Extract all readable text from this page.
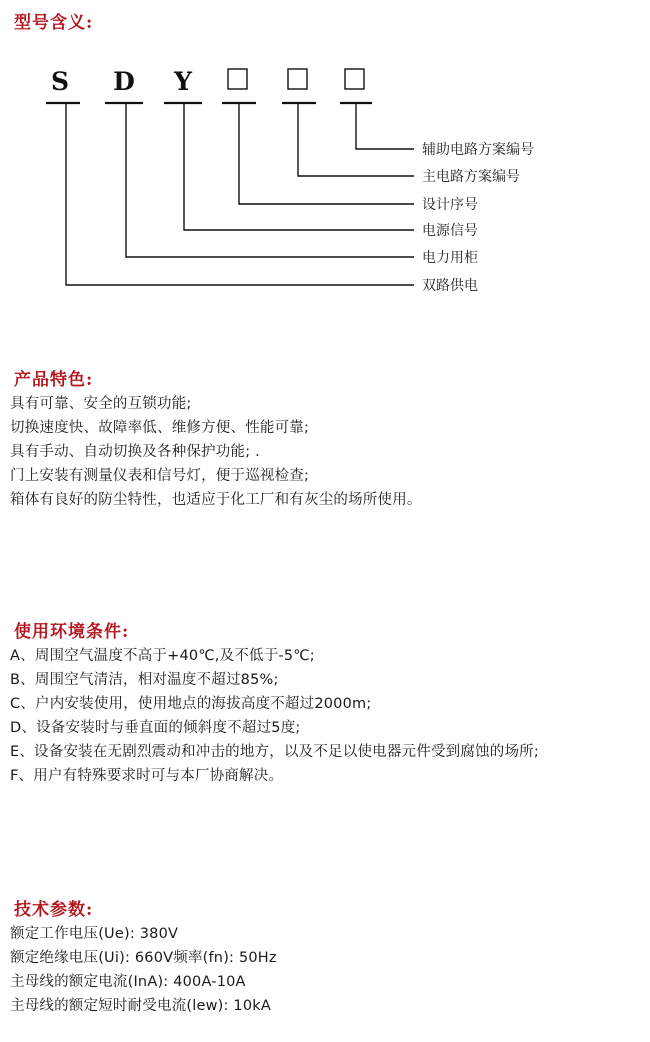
型号含义:
S D Y
辅助电路方案编号
主电路方案编号
设计序号
电源信号
电力用柜
双路供电
产品特色:
具有可靠、安全的互锁功能;
切换速度快、故障率低、维修方便、性能可靠;
具有手动、自动切换及各种保护功能; .
门上安装有测量仪表和信号灯，便于巡视检查;
箱体有良好的防尘特性，也适应于化工厂和有灰尘的场所使用。
使用环境条件:
A、周围空气温度不高于+40℃,及不低于-5℃;
B、周围空气清洁，相对温度不超过85%;
C、户内安装使用，使用地点的海拔高度不超过2000m;
D、设备安装时与垂直面的倾斜度不超过5度;
E、设备安装在无剧烈震动和冲击的地方，以及不足以使电器元件受到腐蚀的场所;
F、用户有特殊要求时可与本厂协商解决。
技术参数:
额定工作电压(Ue): 380V
额定绝缘电压(Ui): 660V频率(fn): 50Hz
主母线的额定电流(InA): 400A-10A
主母线的额定短时耐受电流(lew): 10kA
